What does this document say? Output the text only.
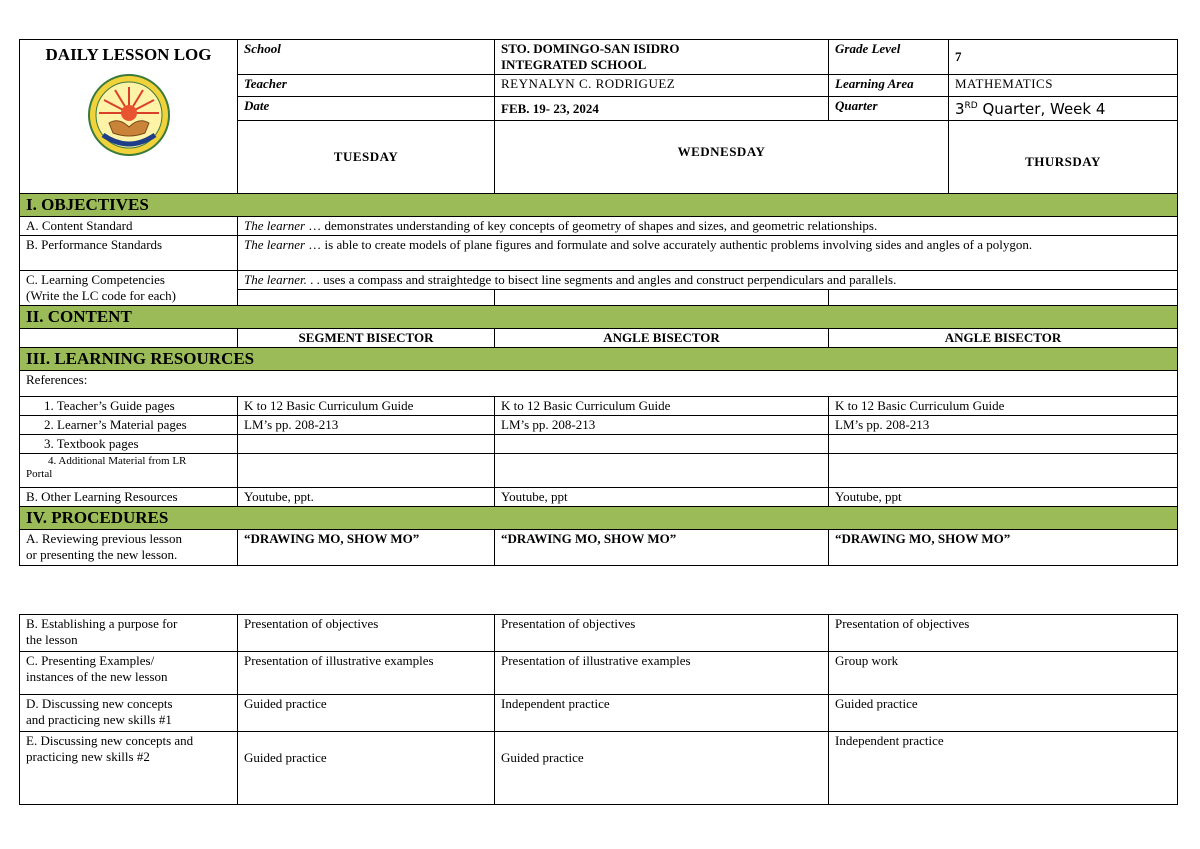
DAILY LESSON LOG	School	STO. DOMINGO-SAN ISIDRO
INTEGRATED SCHOOL	Grade Level	7
	Teacher	REYNALYN C. RODRIGUEZ	Learning Area	MATHEMATICS
	Date	FEB. 19- 23, 2024	Quarter	3RD Quarter, Week 4
	TUESDAY	WEDNESDAY		THURSDAY
I. OBJECTIVES				
A. Content Standard	The learner … demonstrates understanding of key concepts of geometry of shapes and sizes, and geometric relationships.			
B. Performance Standards	The learner … is able to create models of plane figures and formulate and solve accurately authentic problems involving sides and angles of a polygon.			
C. Learning Competencies
(Write the LC code for each)	The learner. . . uses a compass and straightedge to bisect line segments and angles and construct perpendiculars and parallels.			

II. CONTENT				
	SEGMENT BISECTOR	ANGLE BISECTOR	ANGLE BISECTOR	
III. LEARNING RESOURCES				
References:				
1. Teacher’s Guide pages	K to 12 Basic Curriculum Guide	K to 12 Basic Curriculum Guide	K to 12 Basic Curriculum Guide	
2. Learner’s Material pages	LM’s pp. 208-213	LM’s pp. 208-213	LM’s pp. 208-213	
3. Textbook pages				
4. Additional Material from LR
Portal				
B. Other Learning Resources	Youtube, ppt.	Youtube, ppt	Youtube, ppt	
IV. PROCEDURES				
A. Reviewing previous lesson
or presenting the new lesson.	“DRAWING MO, SHOW MO”	“DRAWING MO, SHOW MO”	“DRAWING MO, SHOW MO”	
B. Establishing a purpose for
the lesson	Presentation of objectives	Presentation of objectives	Presentation of objectives
C. Presenting Examples/
instances of the new lesson	Presentation of illustrative examples	Presentation of illustrative examples	Group work
D. Discussing new concepts
and practicing new skills #1	Guided practice	Independent practice	Guided practice
E. Discussing new concepts and
practicing new skills #2	Guided practice	Guided practice	Independent practice
